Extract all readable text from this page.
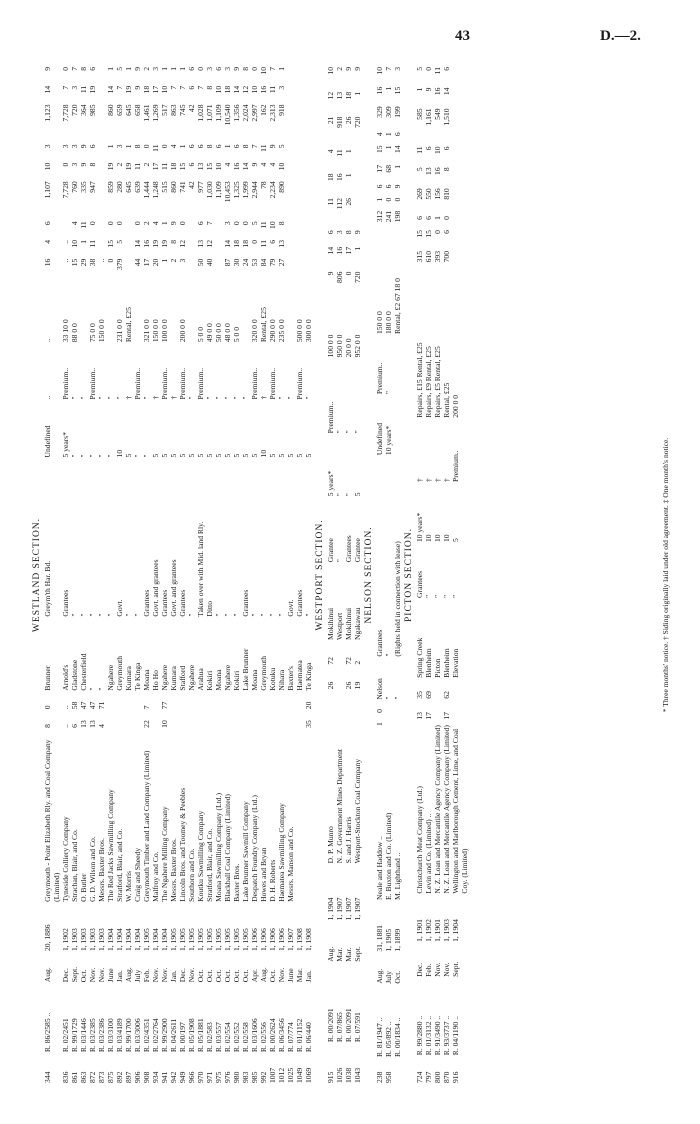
43	D.—2.
WESTLAND SECTION.
344	R. 86/2585 ..	Aug.	20, 1886	Greymouth - Point Elizabeth Rly. and Coal Company (Limited)	8	0	Brunner	Greym'th Har. Bd.	Undefined	..	..	16	4	6	1,107	10	3	1,123	14	9
836	R. 02/2451	Dec.	1, 1902	Tyneside Colliery Company	..	..	Arnold's	Grantees	5 years*	Premium..	33 10 0	..	..		7,728	0	3	7,728	7	0
861	R. 99/1729	Sept.	1, 1903	Strachan, Blair, and Co.	6	58	Gladstone	"	"	"	88 0 0	15	10	4	760	3	3	720	3	7
863	R. 03/1446	Oct.	1, 1903	O. Butler	13	47	Chesterfield	"	"	"		29	1	11	335	9	9	364	11	8
872	R. 03/2385	Nov.	1, 1903	G. D. Wilson and Co.	13	47	"	"	"	Premium..	75 0 0	38	11	0	947	8	6	985	19	6
873	R. 03/2386	Nov.	1, 1903	Messrs. Baxter Bros.	4	71	"	"	"	"	150 0 0	..								
875	R. 03/3100	June	1, 1904	The Red Jacks Sawmilling Company			Ngahere	"	"	"		0	15	0	859	19	1	860	14	1
892	R. 03/4189	Jan.	1, 1904	Stratford, Blair, and Co.			Greymouth	Govt.	10	"	231 0 0	379	5	0	280	2	3	659	7	5
897	R. 99/1700	Aug.	1, 1904	W. Morris			Kumara	"	5	†	Rental, £25				645	19	1	645	19	1
906	R. 03/3006	July	1, 1904	Craig and Sheedy			Te Kinga	"	"	Premium..		44	14	0	639	11	8	658	9	9
908	R. 02/4351	Feb.	1, 1905	Greymouth Timber and Land Company (Limited)	22	7	Moana	Grantees	"	"	321 0 0	17	16	2	1,444	2	0	1,461	18	2
934	R. 02/2764	Nov.	1, 1904	Malfroy and Co.			Ho Ho	Govt. and grantees	5	†	150 0 0	20	19	4	1,248	17	11	1,269	17	3
941	R. 99/2900	Nov.	1, 1904	The Ngahere Milling Company	10	77	Ngahere	Grantees	5	Premium..	100 0 0	1	19	1	515	11	0	517	10	1
942	R. 04/2611	Jan.	1, 1905	Messrs. Baxter Bros.			Kumara	Govt. and grantees	5	†		2	8	9	860	18	4	863	7	1
949	R. 00/197	Dec.	1, 1905	Lincoln Bros. and Toomey & Peebles			Stafford	Grantees	5	Premium..	200 0 0	3	12	0	741	15	1	745	7	1
966	R. 05/1908	Nov.	1, 1905	Southorn and Co.			Ngahere	"	5	"					42	6	6	42	6	6
970	R. 05/1881	Oct.	1, 1905	Koutku Sawmilling Company			Arahua	Taken over with Mid. land Rly.	5	Premium..	5 0 0	50	13	6	977	13	6	1,028	7	0
971	R. 02/583	Oct.	1, 1905	Stratford, Blair, and Co.			Kokiri	Ditto	5	"	49 0 0	40	12	7	1,030	15	8	1,071	8	3
975	R. 03/557	Oct.	1, 1905	Moana Sawmilling Company (Ltd.)			Moana	"	5	"	50 0 0				1,109	10	6	1,109	10	6
976	R. 02/554	Oct.	1, 1905	Blackball Coal Company (Limited)			Ngahere	"	5	"	48 0 0	87	14	3	10,453	4	1	10,540	18	3
980	R. 02/552	Oct.	1, 1905	Baxter Bros.			Kokiri	"	5	"	5 0 0	30	18	0	1,325	16	6	1,356	14	9
983	R. 02/558	Oct.	1, 1905	Lake Brunner Sawmill Company			Lake Brunner	Grantees	5	"		24	18	0	1,999	14	8	2,024	12	8
985	R. 03/1606	Apr.	1, 1906	Despatch Foundry Company (Ltd.)			Moana	"	5	Premium..	320 0 0	53	0	5	2,944	9	7	2,997	10	0
992	R. 02/556	Aug.	1, 1906	Howes and Bryan			Greymouth	"	10	†	Rental, £25	84	11	11	78	4	11	162	16	10
1007	R. 00/2624	Oct.	1, 1906	D. H. Roberts			Kotuku	"	5	Premium..	290 0 0	79	6	10	2,234	4	9	2,313	11	7
1012	R. 06/3456	Nov.	1, 1906	Haematea Sawmilling Company			Nihara	"	5	"	235 0 0	27	13	8	890	10	5	918	3	1
1025	R. 07/774	June	1, 1907	Messrs. Manson and Co.			Baxter's	Govt.	5	"										
1049	R. 01/1152	Mar.	1, 1908				Haematea	Grantees	5	Premium..	500 0 0									
1069	R. 06/440	Jan.	1, 1908		35	20	Te Kinga	"	5	"	300 0 0									
WESTPORT SECTION.
915	R. 00/2091	Aug.	1, 1904	D. P. Munro	26	72	Mokihinui	Grantee	5 years*	Premium..	100 0 0	9	14	6	11	18	4	21	12	10
1026	R. 07/865	Mar.	1, 1907	N. Z. Government Mines Department			Westport	"	"	"	950 0 0	806	16	3	112	16	11	918	13	2
1038	R. 00/2091	Mar.	1, 1907	S. and J. Harris	26	72	Mokihinui	Grantees	"	"	20 0 0	0	17	8	26	1	1	26	18	9
1043	R. 07/591	Sept.	1, 1907	Westport-Stockton Coal Company	19	2	Ngakawau	Grantee	5	"	952 0 0	720	1	9				720	1	9
NELSON SECTION.
238	R. 81/1947 ..	Aug.	31, 1881	Neale and Haddow ..	1	0	Nelson	Grantees	Undefined	Premium..	150 0 0	312	1	6	17	15	4	329	16	10
958	R. 05/892 ..	July	1, 1905	E. Buxton and Co. (Limited)			"	"	10 years*	"	180 0 0	241	0	6	68	1	1	309	1	7
	R. 00/1834 ..	Oct.	1, 1899	M. Lighthand ..			"	(Rights held in connection with lease)			Rental, £2 67 18 0	198	0	9	1	14	6	199	15	3
PICTON SECTION.
724	R. 99/2880 ..	Dec.	1, 1901	Christchurch Meat Company (Ltd.)	13	35	Spring Creek	Grantees	10 years*	†	Repairs, £15 Rental, £25	315	15	6	269	5	11	585	1	5
797	R. 01/3132 ..	Feb.	1, 1902	Levin and Co. (Limited) ..	17	69	Blenheim	"	10	†	Repairs, £9 Rental, £25	610	15	6	550	13	6	1,161	9	0
800	R. 91/3490 ..	Nov.	1, 1901	N. Z. Loan and Mercantile Agency Company (Limited)			Picton	"	10	†	Repairs, £5 Rental, £25	393	0	1	156	16	10	549	16	11
870	R. 93/3737 ..	Nov.	1, 1903	N. Z. Loan and Mercantile Agency Company (Limited)	17	62	Blenheim	"	10	†	Rental, £25	700	6	0	810	8	6	1,510	14	6
916	R. 04/1190 ..	Sept.	1, 1904	Wellington and Marlborough Cement, Lime, and Coal Coy. (Limited)			Elevation	"	5	Premium..	200 0 0									
* Three months' notice. † Siding originally laid under old agreement. ‡ One month's notice.
